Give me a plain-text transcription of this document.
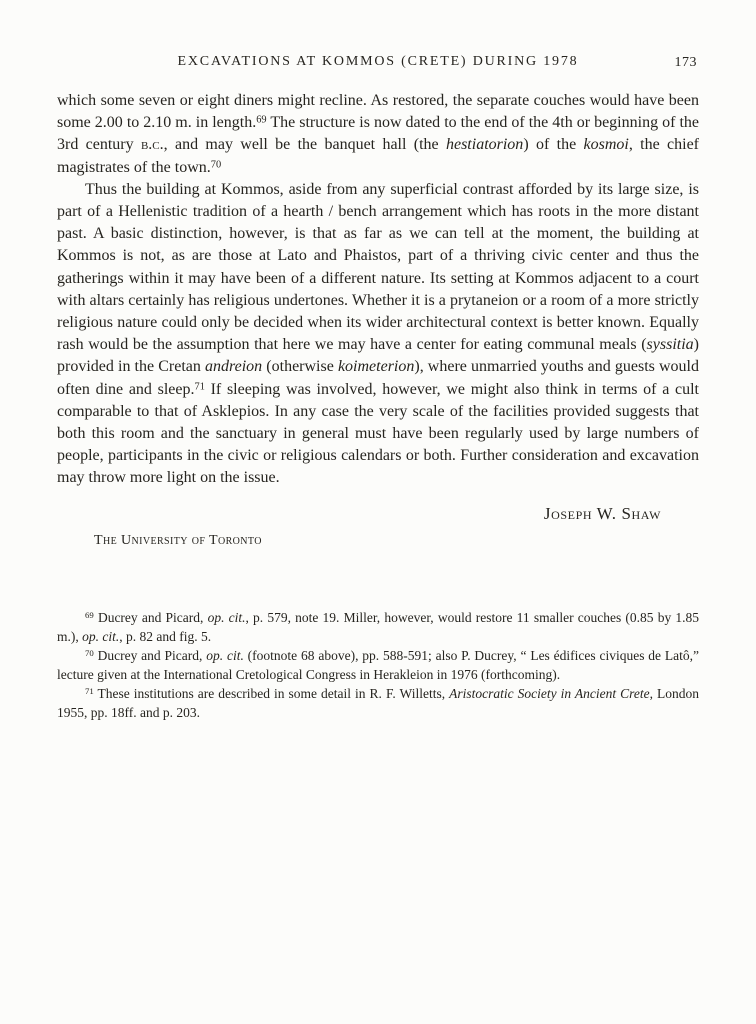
EXCAVATIONS AT KOMMOS (CRETE) DURING 1978	173

which some seven or eight diners might recline. As restored, the separate couches would have been some 2.00 to 2.10 m. in length.$^{69}$ The structure is now dated to the end of the 4th or beginning of the 3rd century b.c., and may well be the banquet hall (the hestiatorion) of the kosmoi, the chief magistrates of the town.$^{70}$

Thus the building at Kommos, aside from any superficial contrast afforded by its large size, is part of a Hellenistic tradition of a hearth / bench arrangement which has roots in the more distant past. A basic distinction, however, is that as far as we can tell at the moment, the building at Kommos is not, as are those at Lato and Phaistos, part of a thriving civic center and thus the gatherings within it may have been of a different nature. Its setting at Kommos adjacent to a court with altars certainly has religious undertones. Whether it is a prytaneion or a room of a more strictly religious nature could only be decided when its wider architectural context is better known. Equally rash would be the assumption that here we may have a center for eating communal meals (syssitia) provided in the Cretan andreion (otherwise koimeterion), where unmarried youths and guests would often dine and sleep.$^{71}$ If sleeping was involved, however, we might also think in terms of a cult comparable to that of Asklepios. In any case the very scale of the facilities provided suggests that both this room and the sanctuary in general must have been regularly used by large numbers of people, participants in the civic or religious calendars or both. Further consideration and excavation may throw more light on the issue.

Joseph W. Shaw
The University of Toronto

$^{69}$ Ducrey and Picard, op. cit., p. 579, note 19. Miller, however, would restore 11 smaller couches (0.85 by 1.85 m.), op. cit., p. 82 and fig. 5.

$^{70}$ Ducrey and Picard, op. cit. (footnote 68 above), pp. 588-591; also P. Ducrey, “ Les édifices civiques de Latô,” lecture given at the International Cretological Congress in Herakleion in 1976 (forthcoming).

$^{71}$ These institutions are described in some detail in R. F. Willetts, Aristocratic Society in Ancient Crete, London 1955, pp. 18ff. and p. 203.
